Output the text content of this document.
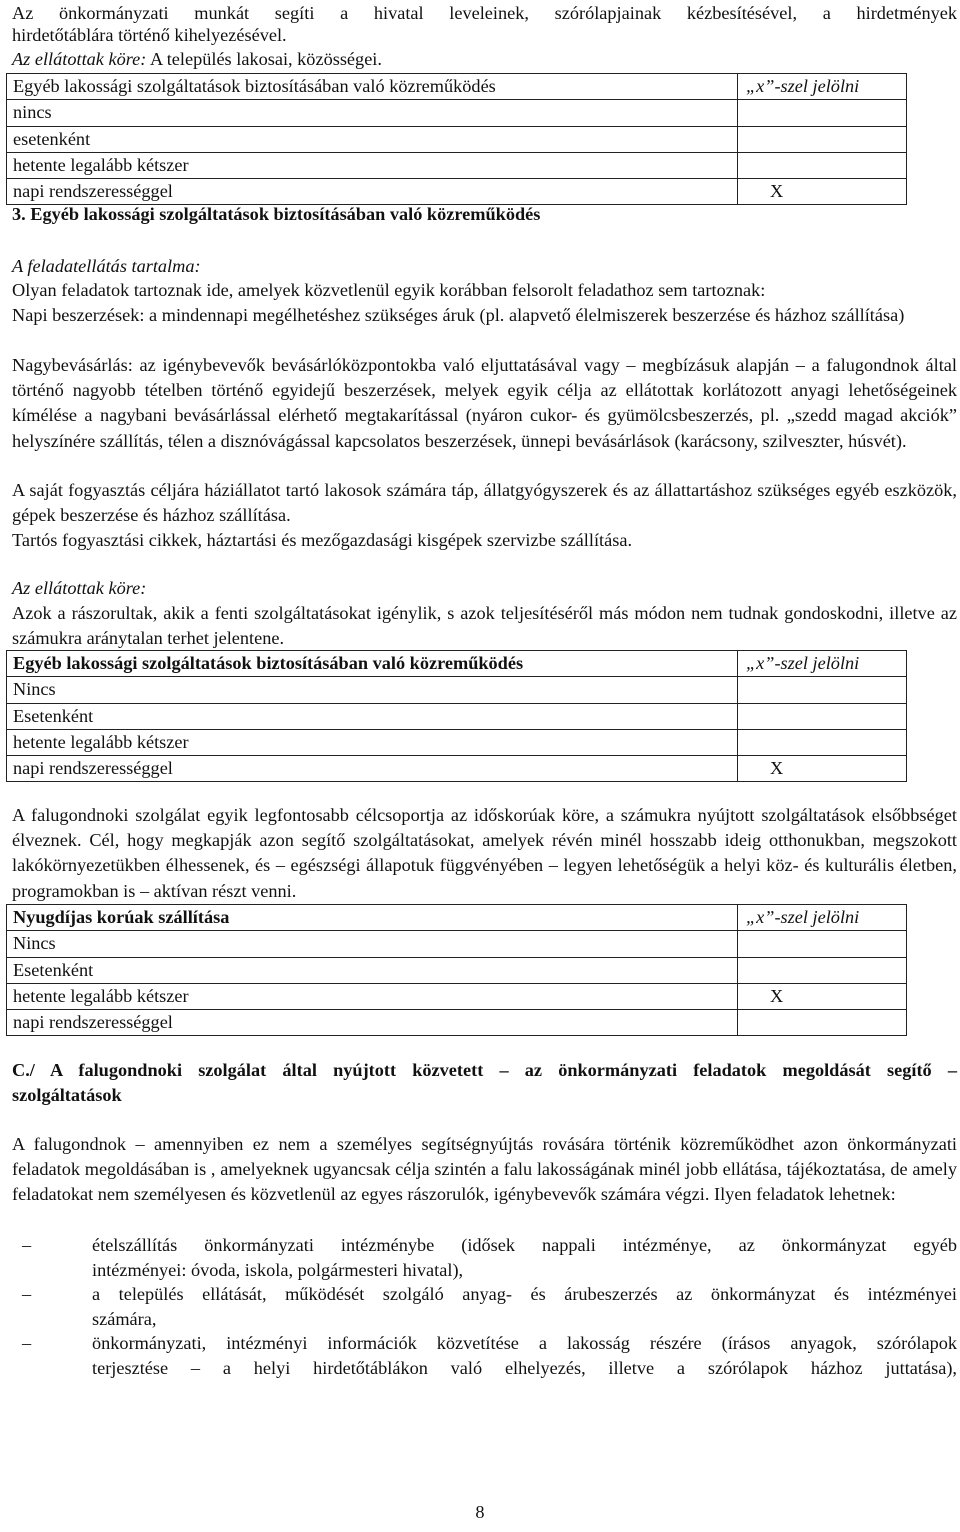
Az önkormányzati munkát segíti a hivatal leveleinek, szórólapjainak kézbesítésével, a hirdetmények

hirdetőtáblára történő kihelyezésével.

Az ellátottak köre: A település lakosai, közösségei.

Egyéb lakossági szolgáltatások biztosításában való közreműködés	„x”-szel jelölni
nincs	
esetenként	
hetente legalább kétszer	
napi rendszerességgel	X

3. Egyéb lakossági szolgáltatások biztosításában való közreműködés

A feladatellátás tartalma:

Olyan feladatok tartoznak ide, amelyek közvetlenül egyik korábban felsorolt feladathoz sem tartoznak:

Napi beszerzések: a mindennapi megélhetéshez szükséges áruk (pl. alapvető élelmiszerek beszerzése és házhoz szállítása)

Nagybevásárlás: az igénybevevők bevásárlóközpontokba való eljuttatásával vagy – megbízásuk alapján – a falugondnok által történő nagyobb tételben történő egyidejű beszerzések, melyek egyik célja az ellátottak korlátozott anyagi lehetőségeinek kímélése a nagybani bevásárlással elérhető megtakarítással (nyáron cukor- és gyümölcsbeszerzés, pl. „szedd magad akciók” helyszínére szállítás, télen a disznóvágással kapcsolatos beszerzések, ünnepi bevásárlások (karácsony, szilveszter, húsvét).

A saját fogyasztás céljára háziállatot tartó lakosok számára táp, állatgyógyszerek és az állattartáshoz szükséges egyéb eszközök, gépek beszerzése és házhoz szállítása.

Tartós fogyasztási cikkek, háztartási és mezőgazdasági kisgépek szervizbe szállítása.

Az ellátottak köre:

Azok a rászorultak, akik a fenti szolgáltatásokat igénylik, s azok teljesítéséről más módon nem tudnak gondoskodni, illetve az számukra aránytalan terhet jelentene.

Egyéb lakossági szolgáltatások biztosításában való közreműködés	„x”-szel jelölni
Nincs	
Esetenként	
hetente legalább kétszer	
napi rendszerességgel	X

A falugondnoki szolgálat egyik legfontosabb célcsoportja az időskorúak köre, a számukra nyújtott szolgáltatások elsőbbséget élveznek. Cél, hogy megkapják azon segítő szolgáltatásokat, amelyek révén minél hosszabb ideig otthonukban, megszokott lakókörnyezetükben élhessenek, és – egészségi állapotuk függvényében – legyen lehetőségük a helyi köz- és kulturális életben, programokban is – aktívan részt venni.

Nyugdíjas korúak szállítása	„x”-szel jelölni
Nincs	
Esetenként	
hetente legalább kétszer	X
napi rendszerességgel	

C./ A falugondnoki szolgálat által nyújtott közvetett – az önkormányzati feladatok megoldását segítő –

szolgáltatások

A falugondnok – amennyiben ez nem a személyes segítségnyújtás rovására történik közreműködhet azon önkormányzati feladatok megoldásában is , amelyeknek ugyancsak célja szintén a falu lakosságának minél jobb ellátása, tájékoztatása, de amely feladatokat nem személyesen és közvetlenül az egyes rászorulók, igénybevevők számára végzi. Ilyen feladatok lehetnek:

–	ételszállítás önkormányzati intézménybe (idősek nappali intézménye, az önkormányzat egyéb

intézményei: óvoda, iskola, polgármesteri hivatal),

–	a település ellátását, működését szolgáló anyag- és árubeszerzés az önkormányzat és intézményei

számára,

–	önkormányzati, intézményi információk közvetítése a lakosság részére (írásos anyagok, szórólapok

terjesztése – a helyi hirdetőtáblákon való elhelyezés, illetve a szórólapok házhoz juttatása),

8
